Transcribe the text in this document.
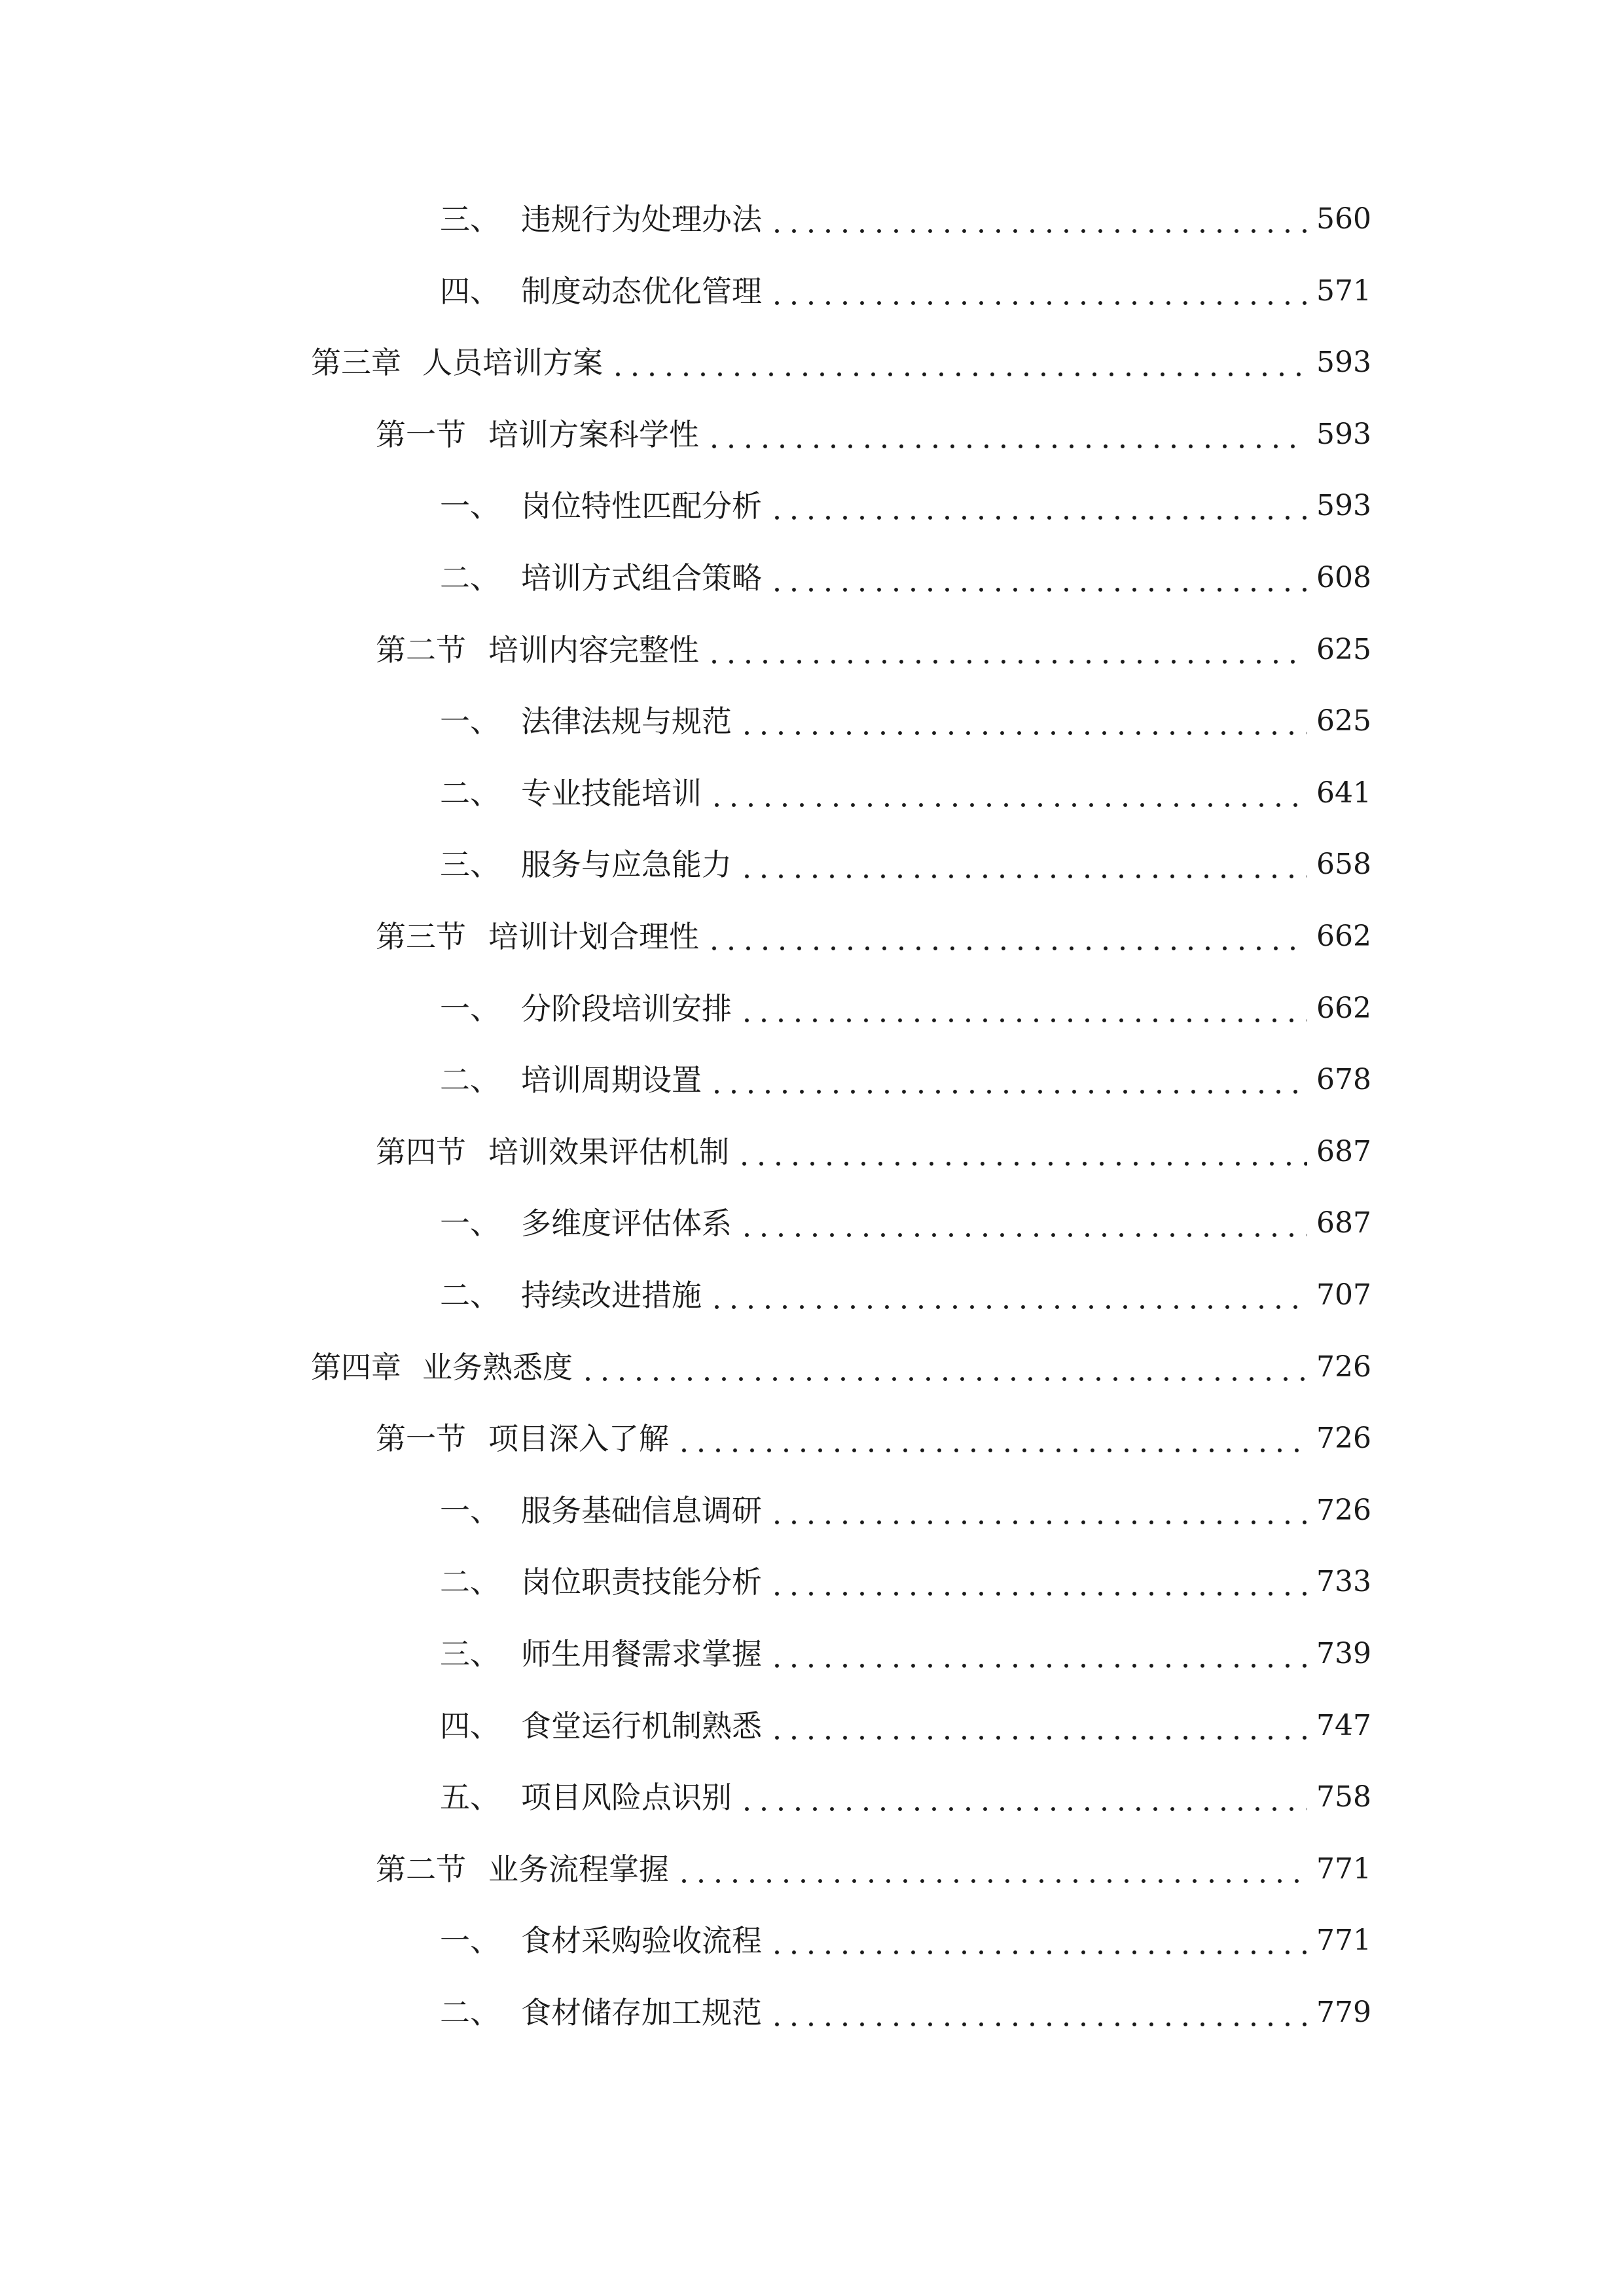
三、 违规行为处理办法	560
四、 制度动态优化管理	571
第三章 人员培训方案	593
第一节 培训方案科学性	593
一、 岗位特性匹配分析	593
二、 培训方式组合策略	608
第二节 培训内容完整性	625
一、 法律法规与规范	625
二、 专业技能培训	641
三、 服务与应急能力	658
第三节 培训计划合理性	662
一、 分阶段培训安排	662
二、 培训周期设置	678
第四节 培训效果评估机制	687
一、 多维度评估体系	687
二、 持续改进措施	707
第四章 业务熟悉度	726
第一节 项目深入了解	726
一、 服务基础信息调研	726
二、 岗位职责技能分析	733
三、 师生用餐需求掌握	739
四、 食堂运行机制熟悉	747
五、 项目风险点识别	758
第二节 业务流程掌握	771
一、 食材采购验收流程	771
二、 食材储存加工规范	779
